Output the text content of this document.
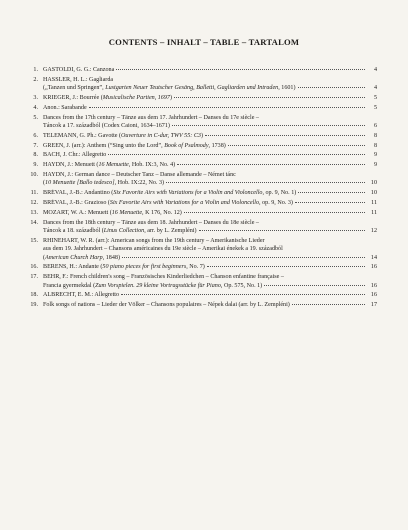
CONTENTS – INHALT – TABLE – TARTALOM
1. GASTOLDI, G. G.: Canzona	4
2. HASSLER, H. L.: Gagliarda
(„Tanzen und Springen”, Lustgarten Neuer Teutscher Gesäng, Balletti, Gagliarden und Intraden, 1601)	4
3. KRIEGER, J.: Bourrée (Musicalische Partien, 1697)	5
4. Anon.: Sarabande	5
5. Dances from the 17th century – Tänze aus dem 17. Jahrhundert – Danses du 17e siècle –
Táncok a 17. századból (Codex Caioni, 1634–1671)	6
6. TELEMANN, G. Ph.: Gavotte (Ouverture in C-dur, TWV 55: C3)	8
7. GREEN, J. (arr.): Anthem (“Sing unto the Lord”, Book of Psalmody, 1738)	8
8. BACH, J. Chr.: Allegretto	9
9. HAYDN, J.: Menuett (16 Menuette, Hob. IX:3, No. 4)	9
10. HAYDN, J.: German dance – Deutscher Tanz – Danse allemande – Német tánc
(10 Menuette [Ballo tedesco], Hob. IX:22, No. 3)	10
11. BRÉVAL, J.-B.: Andantino (Six Favorite Airs with Variations for a Violin and Violoncello, op. 9, No. 1)	10
12. BRÉVAL, J.-B.: Grazioso (Six Favorite Airs with Variations for a Violin and Violoncello, op. 9, No. 3)	11
13. MOZART, W. A.: Menuett (16 Menuette, K 176, No. 12)	11
14. Dances from the 18th century – Tänze aus dem 18. Jahrhundert – Danses du 18e siècle –
Táncok a 18. századból (Linus Collection, arr. by L. Zempléni)	12
15. RHINEHART, W. R. (arr.): American songs from the 19th century – Amerikanische Lieder
aus dem 19. Jahrhundert – Chansons américaines du 19e siècle – Amerikai énekek a 19. századból
(American Church Harp, 1848)	14
16. BERENS, H.: Andante (50 piano pieces for first beginners, No. 7)	16
17. BEHR, F.: French children's song – Französisches Kinderliedchen – Chanson enfantine française –
Francia gyermekdal (Zum Vorspielen. 29 kleine Vortragsstücke für Piano, Op. 575, No. 1)	16
18. ALBRECHT, E. M.: Allegretto	16
19. Folk songs of nations – Lieder der Völker – Chansons populaires – Népek dalai (arr. by L. Zempléni)	17
